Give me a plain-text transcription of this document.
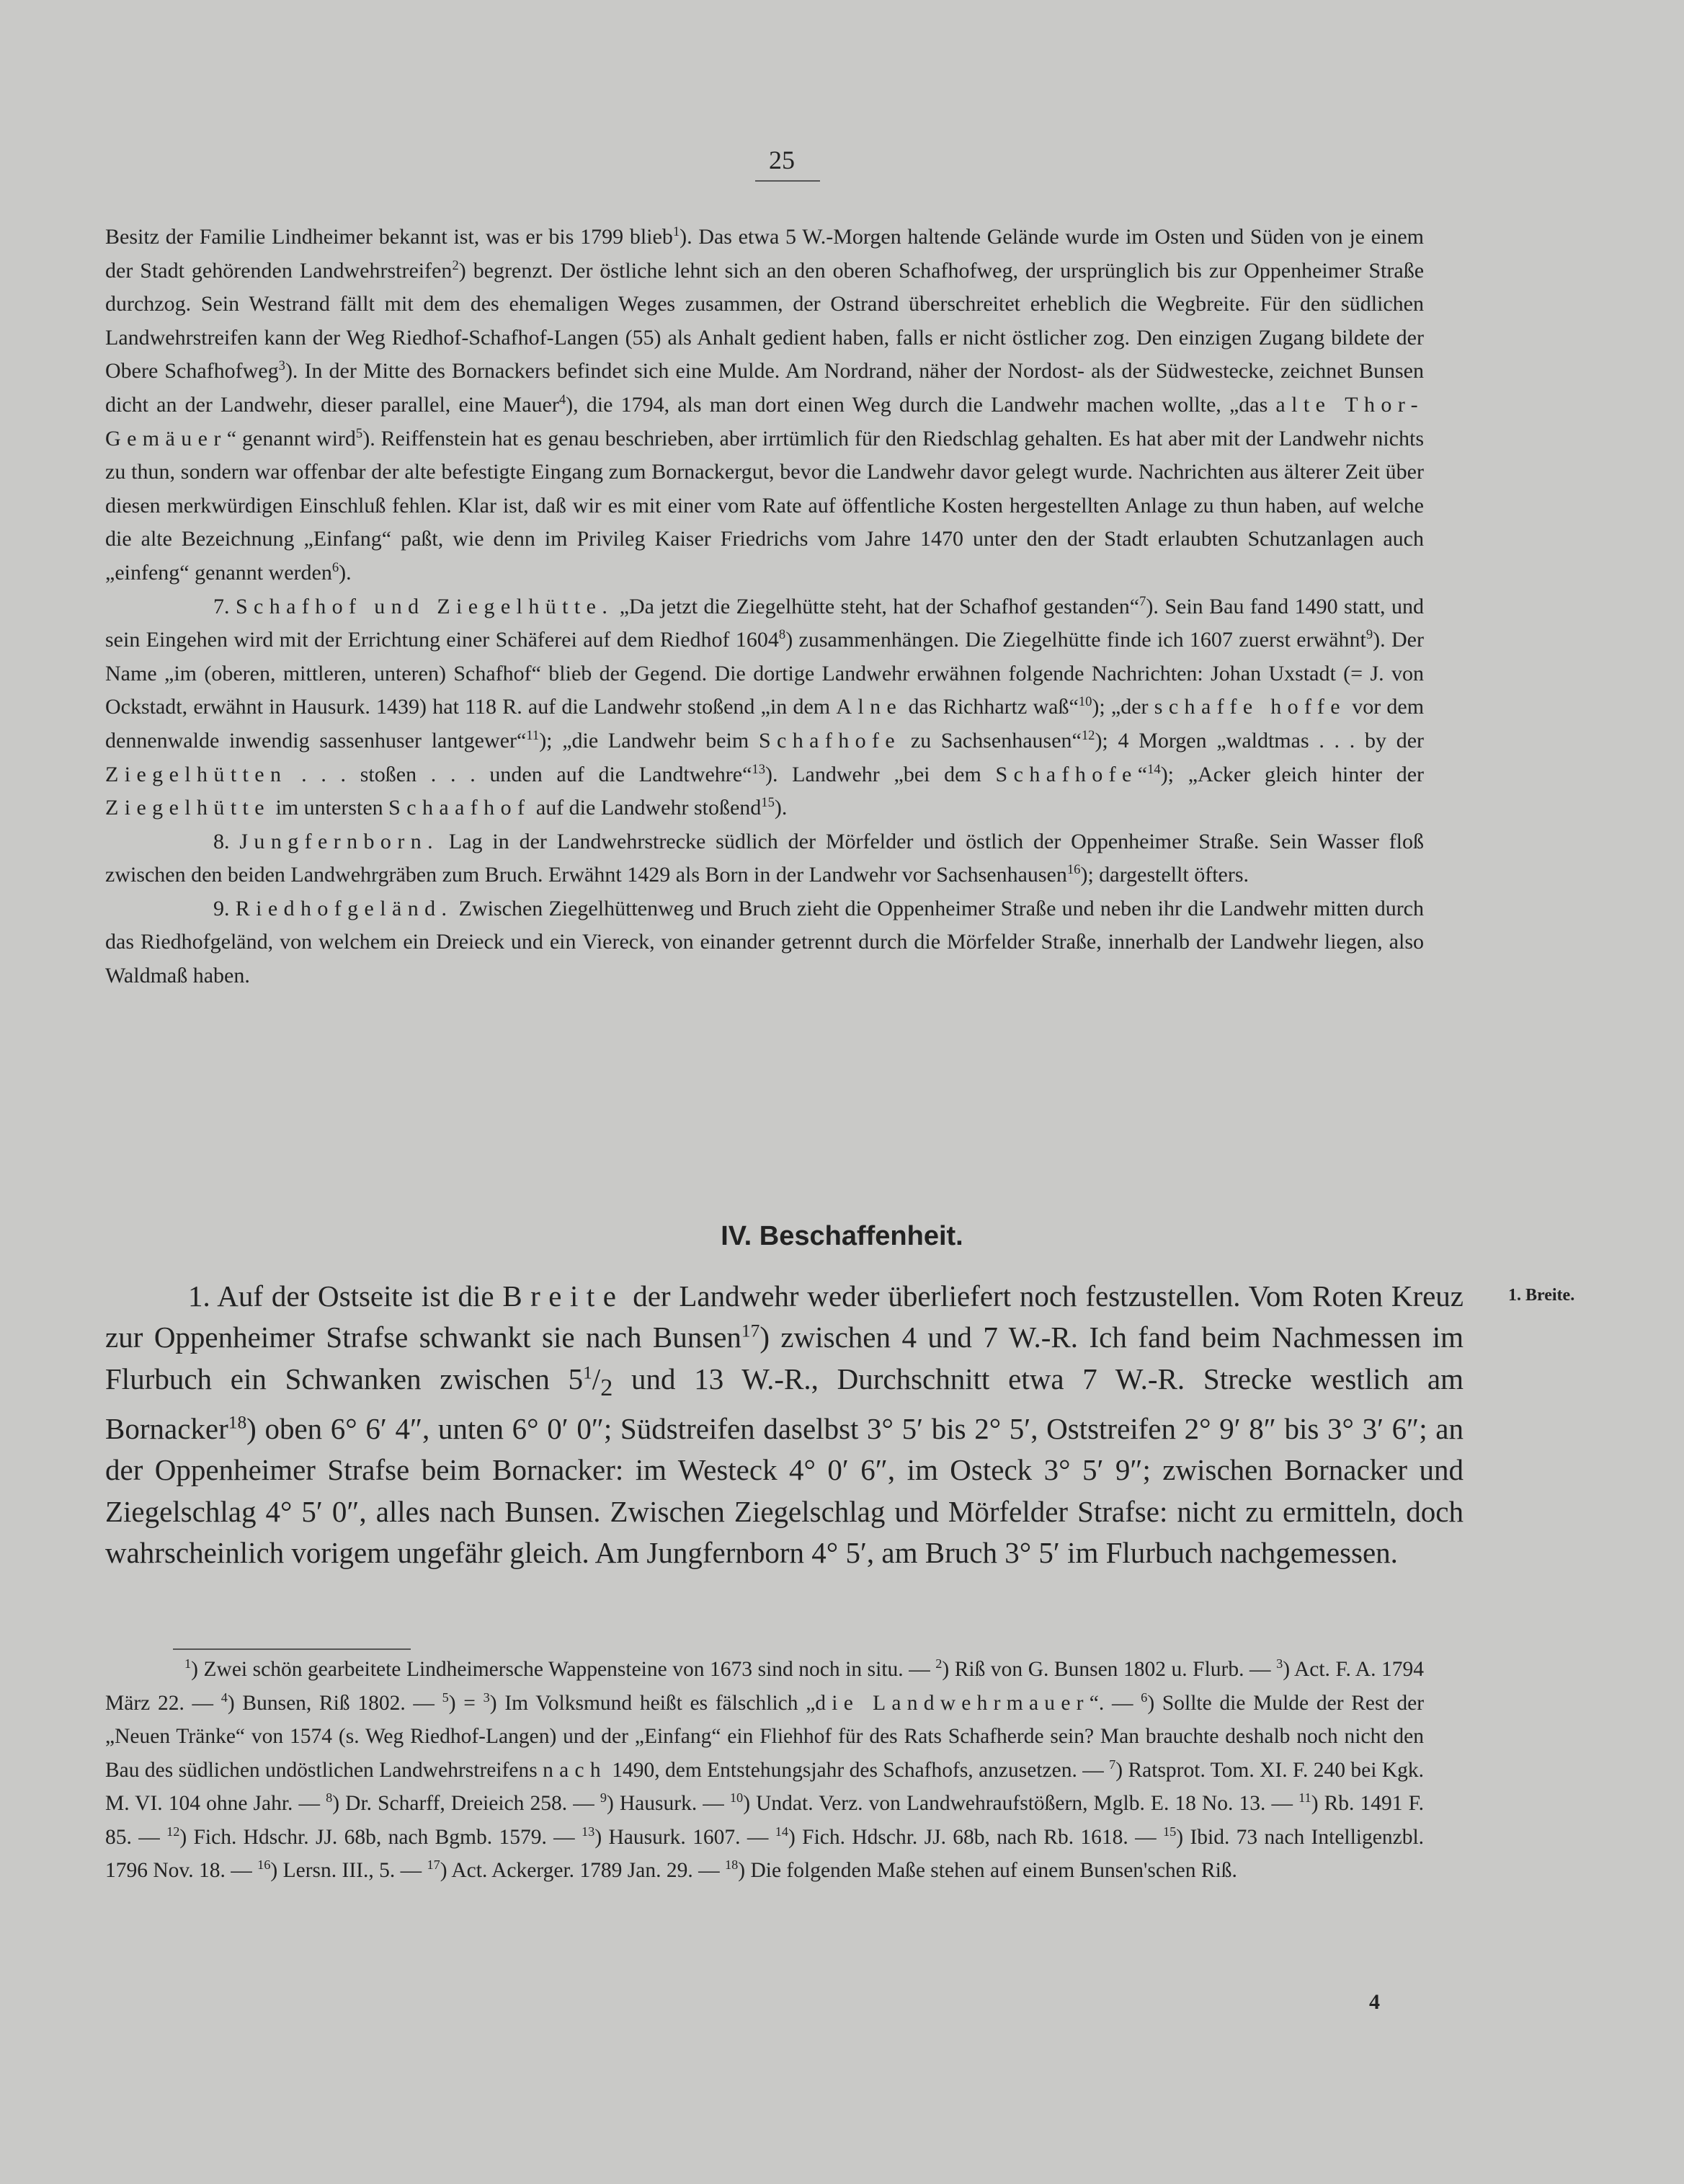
25

Besitz der Familie Lindheimer bekannt ist, was er bis 1799 blieb$^1$). Das etwa 5 W.-Morgen haltende Gelände wurde im Osten und Süden von je einem der Stadt gehörenden Landwehrstreifen$^2$) begrenzt. Der östliche lehnt sich an den oberen Schafhofweg, der ursprünglich bis zur Oppenheimer Straße durchzog. Sein Westrand fällt mit dem des ehemaligen Weges zusammen, der Ostrand überschreitet erheblich die Wegbreite. Für den südlichen Landwehrstreifen kann der Weg Riedhof-Schafhof-Langen (55) als Anhalt gedient haben, falls er nicht östlicher zog. Den einzigen Zugang bildete der Obere Schafhofweg$^3$). In der Mitte des Bornackers befindet sich eine Mulde. Am Nordrand, näher der Nordost- als der Südwestecke, zeichnet Bunsen dicht an der Landwehr, dieser parallel, eine Mauer$^4$), die 1794, als man dort einen Weg durch die Landwehr machen wollte, „das alte Thor-Gemäuer“ genannt wird$^5$). Reiffenstein hat es genau beschrieben, aber irrtümlich für den Riedschlag gehalten. Es hat aber mit der Landwehr nichts zu thun, sondern war offenbar der alte befestigte Eingang zum Bornackergut, bevor die Landwehr davor gelegt wurde. Nachrichten aus älterer Zeit über diesen merkwürdigen Einschluß fehlen. Klar ist, daß wir es mit einer vom Rate auf öffentliche Kosten hergestellten Anlage zu thun haben, auf welche die alte Bezeichnung „Einfang“ paßt, wie denn im Privileg Kaiser Friedrichs vom Jahre 1470 unter den der Stadt erlaubten Schutzanlagen auch „einfeng“ genannt werden$^6$).

7. Schafhof und Ziegelhütte. „Da jetzt die Ziegelhütte steht, hat der Schafhof gestanden“$^7$). Sein Bau fand 1490 statt, und sein Eingehen wird mit der Errichtung einer Schäferei auf dem Riedhof 1604$^8$) zusammenhängen. Die Ziegelhütte finde ich 1607 zuerst erwähnt$^9$). Der Name „im (oberen, mittleren, unteren) Schafhof“ blieb der Gegend. Die dortige Landwehr erwähnen folgende Nachrichten: Johan Uxstadt (= J. von Ockstadt, erwähnt in Hausurk. 1439) hat 118 R. auf die Landwehr stoßend „in dem Alne das Richhartz waß“$^{10}$); „der schaffe hoffe vor dem dennenwalde inwendig sassenhuser lantgewer“$^{11}$); „die Landwehr beim Schafhofe zu Sachsenhausen“$^{12}$); 4 Morgen „waldtmas . . . by der Ziegelhütten . . . stoßen . . . unden auf die Landtwehre“$^{13}$). Landwehr „bei dem Schafhofe“$^{14}$); „Acker gleich hinter der Ziegelhütte im untersten Schaafhof auf die Landwehr stoßend$^{15}$).

8. Jungfernborn. Lag in der Landwehrstrecke südlich der Mörfelder und östlich der Oppenheimer Straße. Sein Wasser floß zwischen den beiden Landwehrgräben zum Bruch. Erwähnt 1429 als Born in der Landwehr vor Sachsenhausen$^{16}$); dargestellt öfters.

9. Riedhofgeländ. Zwischen Ziegelhüttenweg und Bruch zieht die Oppenheimer Straße und neben ihr die Landwehr mitten durch das Riedhofgeländ, von welchem ein Dreieck und ein Viereck, von einander getrennt durch die Mörfelder Straße, innerhalb der Landwehr liegen, also Waldmaß haben.

IV. Beschaffenheit.
1. Breite.

1. Auf der Ostseite ist die Breite der Landwehr weder überliefert noch festzustellen. Vom Roten Kreuz zur Oppenheimer Strafse schwankt sie nach Bunsen$^{17}$) zwischen 4 und 7 W.-R. Ich fand beim Nachmessen im Flurbuch ein Schwanken zwischen $5^1/_2$ und 13 W.-R., Durchschnitt etwa 7 W.-R. Strecke westlich am Bornacker$^{18}$) oben 6° 6′ 4″, unten 6° 0′ 0″; Südstreifen daselbst 3° 5′ bis 2° 5′, Oststreifen 2° 9′ 8″ bis 3° 3′ 6″; an der Oppenheimer Strafse beim Bornacker: im Westeck 4° 0′ 6″, im Osteck 3° 5′ 9″; zwischen Bornacker und Ziegelschlag 4° 5′ 0″, alles nach Bunsen. Zwischen Ziegelschlag und Mörfelder Strafse: nicht zu ermitteln, doch wahrscheinlich vorigem ungefähr gleich. Am Jungfernborn 4° 5′, am Bruch 3° 5′ im Flurbuch nachgemessen.

$^1$) Zwei schön gearbeitete Lindheimersche Wappensteine von 1673 sind noch in situ. — $^2$) Riß von G. Bunsen 1802 u. Flurb. — $^3$) Act. F. A. 1794 März 22. — $^4$) Bunsen, Riß 1802. — $^5$) = $^3$) Im Volksmund heißt es fälschlich „die Landwehrmauer“. — $^6$) Sollte die Mulde der Rest der „Neuen Tränke“ von 1574 (s. Weg Riedhof-Langen) und der „Einfang“ ein Fliehhof für des Rats Schafherde sein? Man brauchte deshalb noch nicht den Bau des südlichen undöstlichen Landwehrstreifens nach 1490, dem Entstehungsjahr des Schafhofs, anzusetzen. — $^7$) Ratsprot. Tom. XI. F. 240 bei Kgk. M. VI. 104 ohne Jahr. — $^8$) Dr. Scharff, Dreieich 258. — $^9$) Hausurk. — $^{10}$) Undat. Verz. von Landwehraufstößern, Mglb. E. 18 No. 13. — $^{11}$) Rb. 1491 F. 85. — $^{12}$) Fich. Hdschr. JJ. 68b, nach Bgmb. 1579. — $^{13}$) Hausurk. 1607. — $^{14}$) Fich. Hdschr. JJ. 68b, nach Rb. 1618. — $^{15}$) Ibid. 73 nach Intelligenzbl. 1796 Nov. 18. — $^{16}$) Lersn. III., 5. — $^{17}$) Act. Ackerger. 1789 Jan. 29. — $^{18}$) Die folgenden Maße stehen auf einem Bunsen'schen Riß.

4
